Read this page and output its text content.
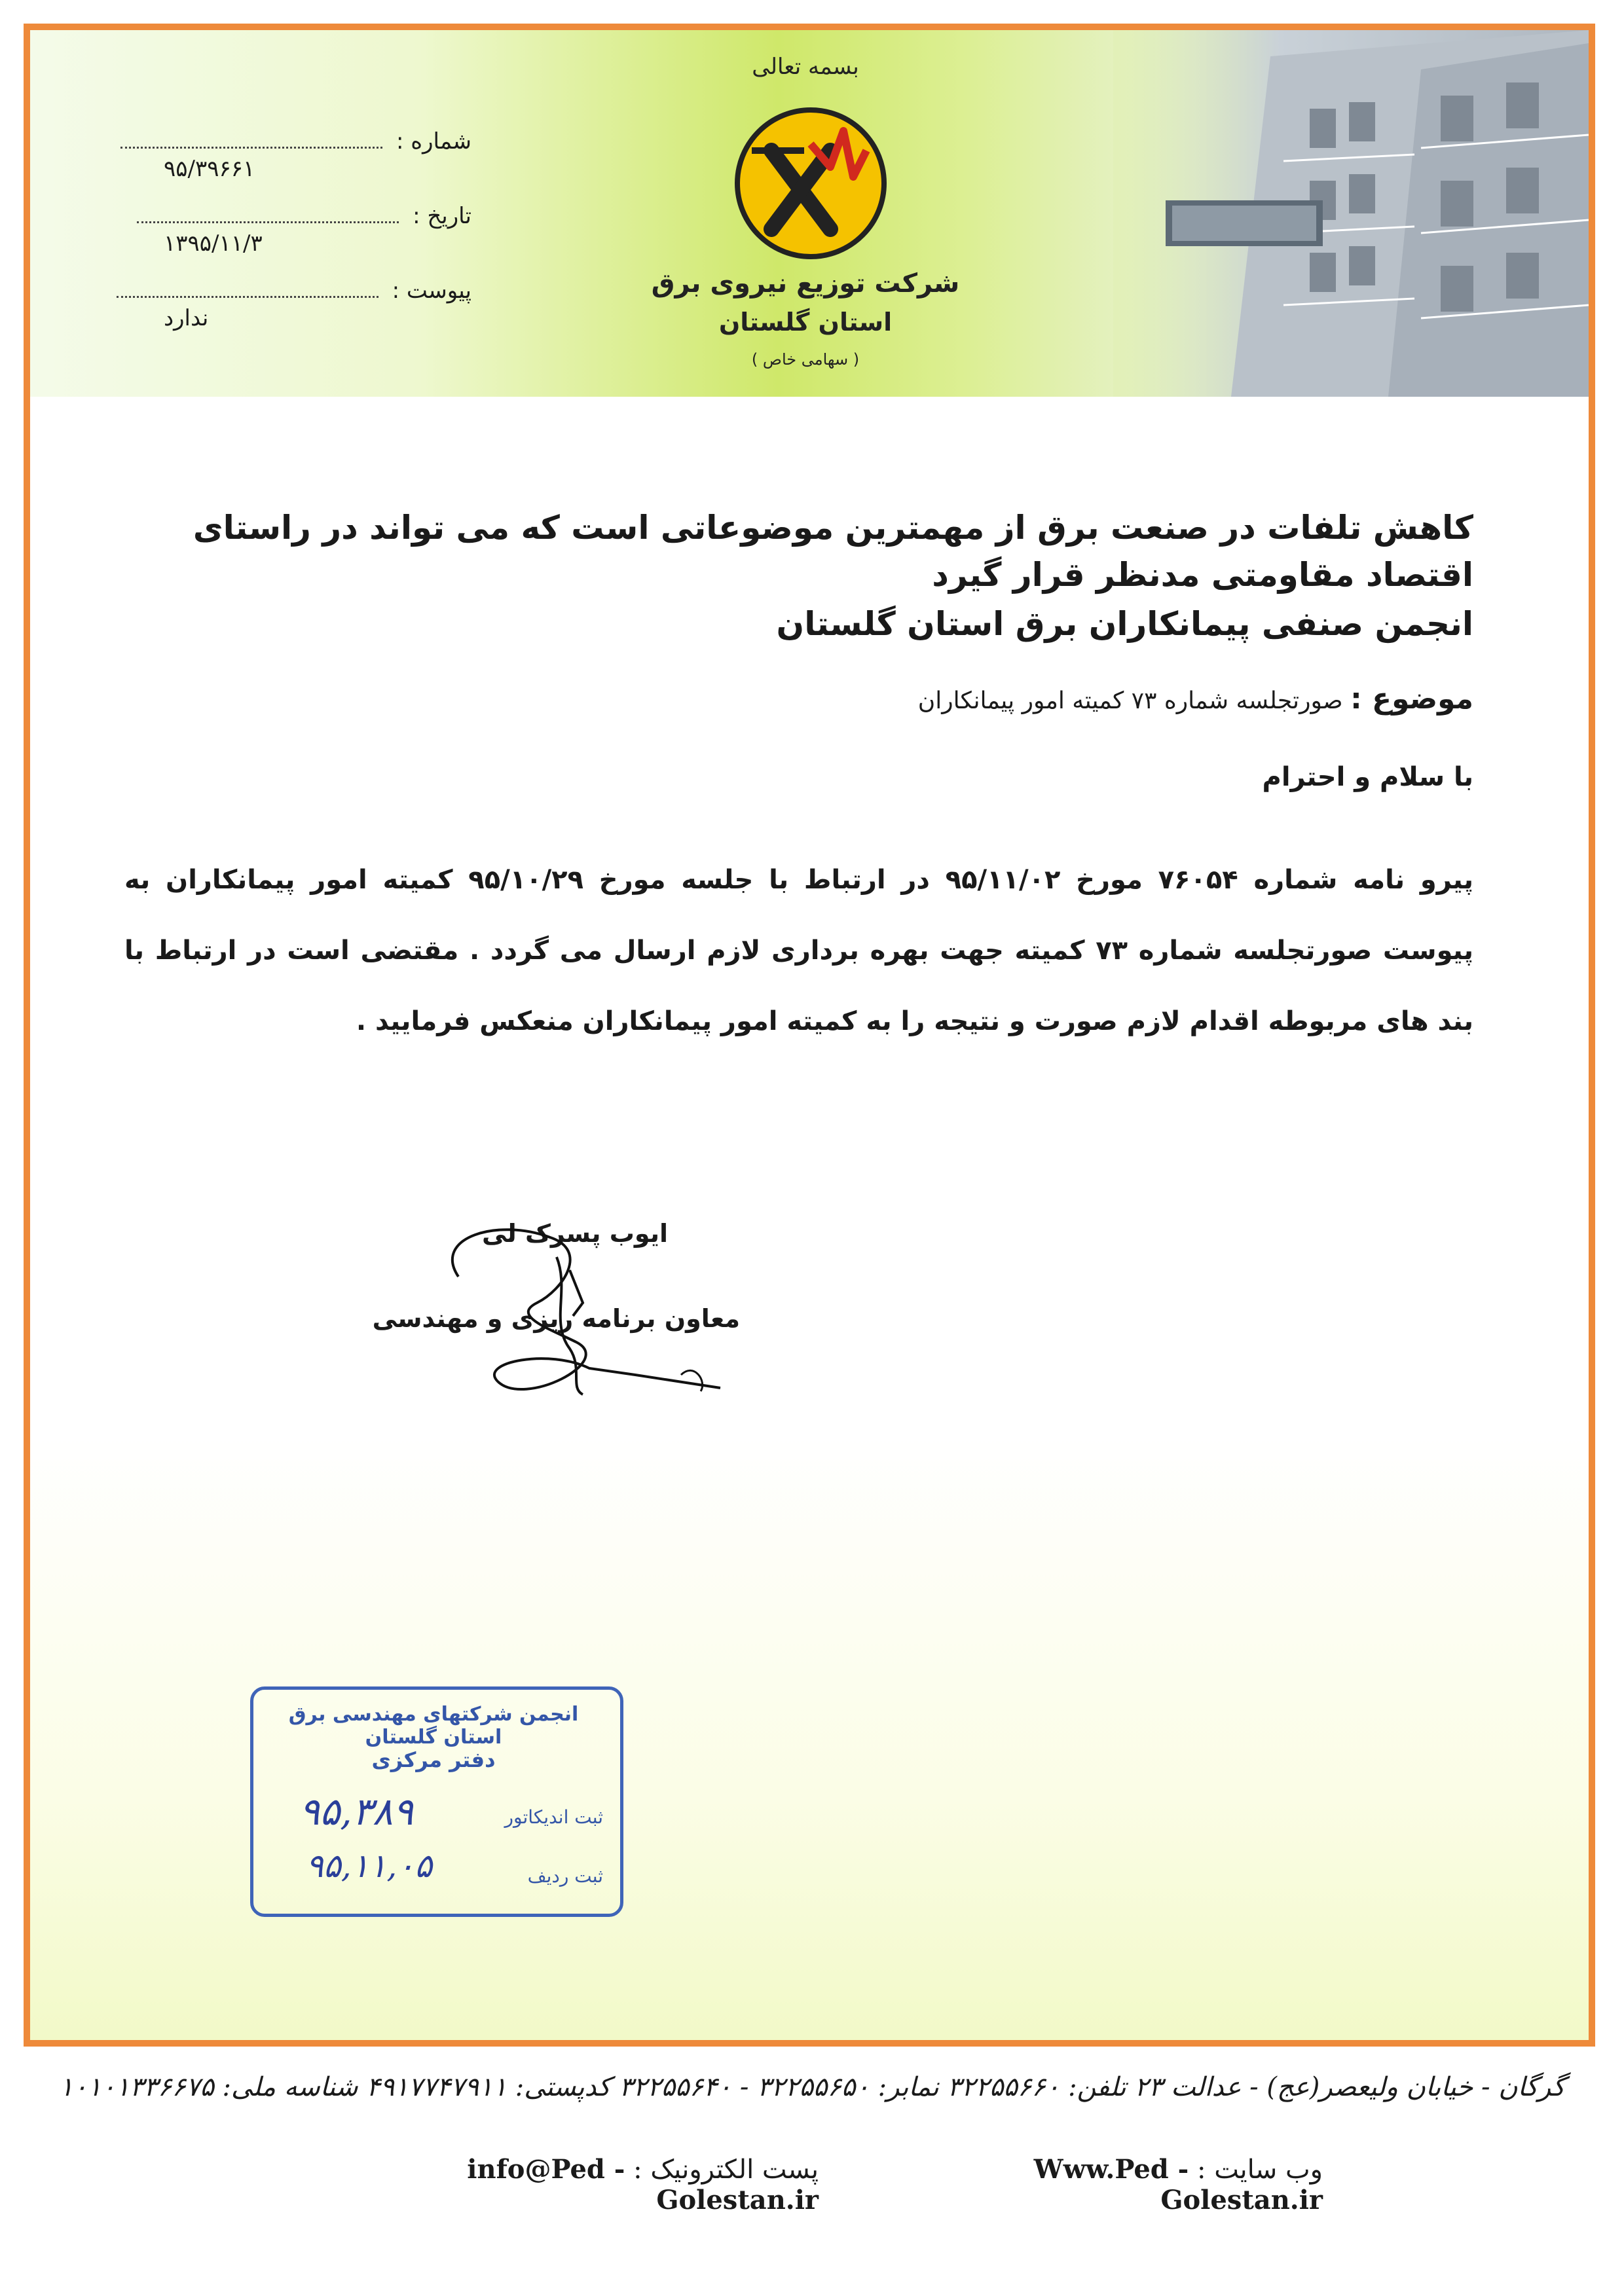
بسمه تعالی
شرکت توزیع نیروی برق
استان گلستان
( سهامی خاص )
شماره :
۹۵/۳۹۶۶۱
تاریخ :
۱۳۹۵/۱۱/۳
پیوست :
ندارد
کاهش تلفات در صنعت برق از مهمترین موضوعاتی است که می تواند در راستای اقتصاد مقاومتی مدنظر قرار گیرد
انجمن صنفی پیمانکاران برق استان گلستان
موضوع : صورتجلسه شماره ۷۳ کمیته امور پیمانکاران
با سلام و احترام
پیرو نامه شماره ۷۶۰۵۴ مورخ ۹۵/۱۱/۰۲ در ارتباط با جلسه مورخ ۹۵/۱۰/۲۹ کمیته امور پیمانکاران به پیوست صورتجلسه شماره ۷۳ کمیته جهت بهره برداری لازم ارسال می گردد . مقتضی است در ارتباط با بند های مربوطه اقدام لازم صورت و نتیجه را به کمیته امور پیمانکاران منعکس فرمایید .
ایوب پسرک لی
معاون برنامه ریزی و مهندسی
انجمن شرکتهای مهندسی برق استان گلستان
دفتر مرکزی
ثبت اندیکاتور
۹۵,۳۸۹
ثبت ردیف
۹۵,۱۱,۰۵
گرگان - خیابان ولیعصر(عج) - عدالت ۲۳ تلفن: ۳۲۲۵۵۶۶۰ نمابر: ۳۲۲۵۵۶۵۰ - ۳۲۲۵۵۶۴۰ کدپستی: ۴۹۱۷۷۴۷۹۱۱ شناسه ملی: ۱۰۱۰۱۳۳۶۶۷۵
وب سایت : Www.Ped - Golestan.ir
پست الکترونیک : info@Ped - Golestan.ir
